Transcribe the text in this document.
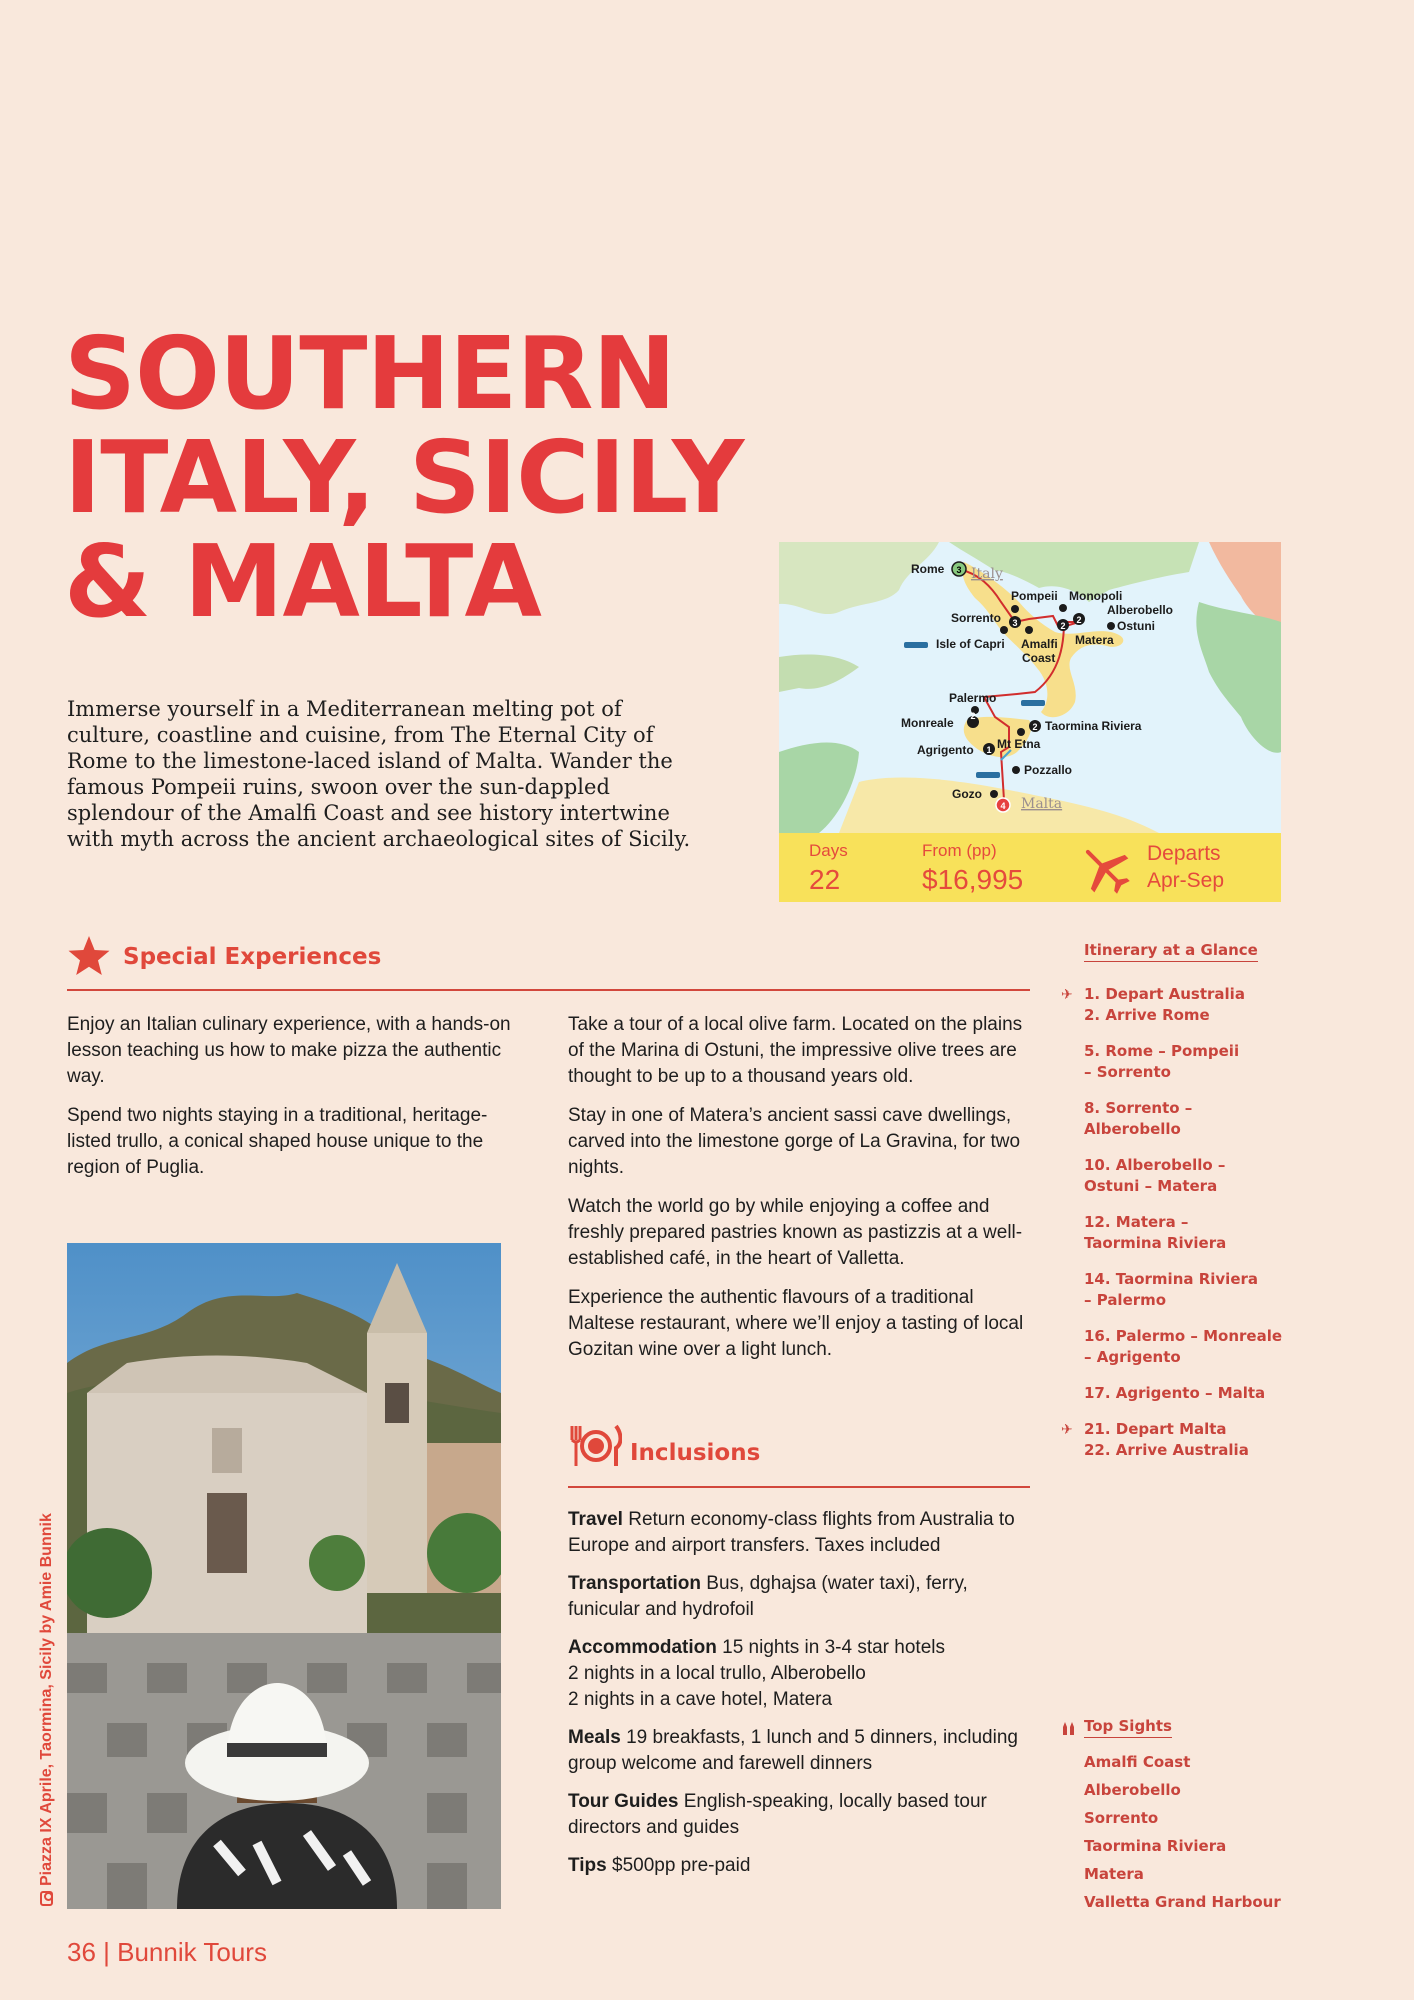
SOUTHERN
ITALY, SICILY
& MALTA

Immerse yourself in a Mediterranean melting pot of culture, coastline and cuisine, from The Eternal City of Rome to the limestone-laced island of Malta. Wander the famous Pompeii ruins, swoon over the sun-dappled splendour of the Amalfi Coast and see history intertwine with myth across the ancient archaeological sites of Sicily.

3
3	2
2
2
2
1
4
Rome Italy
Pompeii Monopoli
Alberobello
Sorrento
Ostuni
Isle of Capri Amalfi
Coast
Matera
Palermo
Monreale	Taormina Riviera
Mt Etna
Agrigento
Pozzallo
Gozo
Malta
Days
22
From (pp)
$16,995
Departs
Apr-Sep
Special Experiences

Enjoy an Italian culinary experience, with a hands-on lesson teaching us how to make pizza the authentic way.

Spend two nights staying in a traditional, heritage-listed trullo, a conical shaped house unique to the region of Puglia.

Take a tour of a local olive farm. Located on the plains of the Marina di Ostuni, the impressive olive trees are thought to be up to a thousand years old.

Stay in one of Matera’s ancient sassi cave dwellings, carved into the limestone gorge of La Gravina, for two nights.

Watch the world go by while enjoying a coffee and freshly prepared pastries known as pastizzis at a well-established café, in the heart of Valletta.

Experience the authentic flavours of a traditional Maltese restaurant, where we’ll enjoy a tasting of local Gozitan wine over a light lunch.

Piazza IX Aprile, Taormina, Sicily by Amie Bunnik
Inclusions

Travel Return economy-class flights from Australia to Europe and airport transfers. Taxes included

Transportation Bus, dghajsa (water taxi), ferry, funicular and hydrofoil

Accommodation 15 nights in 3-4 star hotels
2 nights in a local trullo, Alberobello
2 nights in a cave hotel, Matera

Meals 19 breakfasts, 1 lunch and 5 dinners, including group welcome and farewell dinners

Tour Guides English-speaking, locally based tour directors and guides

Tips $500pp pre-paid

Itinerary at a Glance
✈ 1. Depart Australia
2. Arrive Rome
5. Rome – Pompeii
– Sorrento
8. Sorrento –
Alberobello
10. Alberobello –
Ostuni – Matera
12. Matera –
Taormina Riviera
14. Taormina Riviera
– Palermo
16. Palermo – Monreale
– Agrigento
17. Agrigento – Malta
✈ 21. Depart Malta
22. Arrive Australia
Top Sights
Amalfi Coast
Alberobello
Sorrento
Taormina Riviera
Matera
Valletta Grand Harbour
36 | Bunnik Tours
